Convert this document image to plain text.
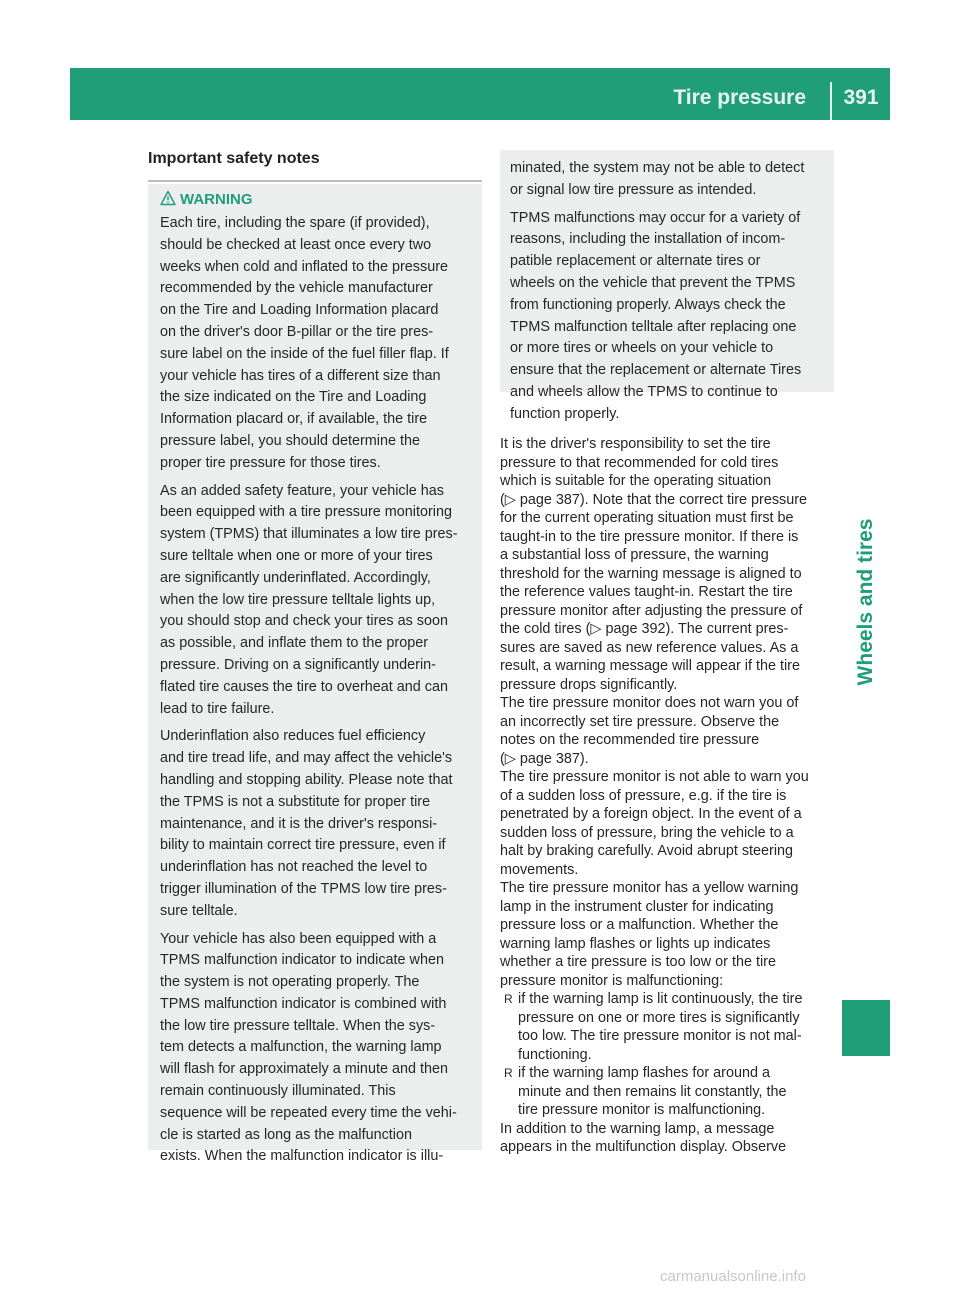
Tire pressure	391
Wheels and tires
Important safety notes
WARNING
Each tire, including the spare (if provided),
should be checked at least once every two
weeks when cold and inflated to the pressure
recommended by the vehicle manufacturer
on the Tire and Loading Information placard
on the driver's door B-pillar or the tire pres-
sure label on the inside of the fuel filler flap. If
your vehicle has tires of a different size than
the size indicated on the Tire and Loading
Information placard or, if available, the tire
pressure label, you should determine the
proper tire pressure for those tires.
As an added safety feature, your vehicle has
been equipped with a tire pressure monitoring
system (TPMS) that illuminates a low tire pres-
sure telltale when one or more of your tires
are significantly underinflated. Accordingly,
when the low tire pressure telltale lights up,
you should stop and check your tires as soon
as possible, and inflate them to the proper
pressure. Driving on a significantly underin-
flated tire causes the tire to overheat and can
lead to tire failure.
Underinflation also reduces fuel efficiency
and tire tread life, and may affect the vehicle's
handling and stopping ability. Please note that
the TPMS is not a substitute for proper tire
maintenance, and it is the driver's responsi-
bility to maintain correct tire pressure, even if
underinflation has not reached the level to
trigger illumination of the TPMS low tire pres-
sure telltale.
Your vehicle has also been equipped with a
TPMS malfunction indicator to indicate when
the system is not operating properly. The
TPMS malfunction indicator is combined with
the low tire pressure telltale. When the sys-
tem detects a malfunction, the warning lamp
will flash for approximately a minute and then
remain continuously illuminated. This
sequence will be repeated every time the vehi-
cle is started as long as the malfunction
exists. When the malfunction indicator is illu-
minated, the system may not be able to detect
or signal low tire pressure as intended.
TPMS malfunctions may occur for a variety of
reasons, including the installation of incom-
patible replacement or alternate tires or
wheels on the vehicle that prevent the TPMS
from functioning properly. Always check the
TPMS malfunction telltale after replacing one
or more tires or wheels on your vehicle to
ensure that the replacement or alternate Tires
and wheels allow the TPMS to continue to
function properly.
It is the driver's responsibility to set the tire
pressure to that recommended for cold tires
which is suitable for the operating situation
(▷ page 387). Note that the correct tire pressure
for the current operating situation must first be
taught-in to the tire pressure monitor. If there is
a substantial loss of pressure, the warning
threshold for the warning message is aligned to
the reference values taught-in. Restart the tire
pressure monitor after adjusting the pressure of
the cold tires (▷ page 392). The current pres-
sures are saved as new reference values. As a
result, a warning message will appear if the tire
pressure drops significantly.
The tire pressure monitor does not warn you of
an incorrectly set tire pressure. Observe the
notes on the recommended tire pressure
(▷ page 387).
The tire pressure monitor is not able to warn you
of a sudden loss of pressure, e.g. if the tire is
penetrated by a foreign object. In the event of a
sudden loss of pressure, bring the vehicle to a
halt by braking carefully. Avoid abrupt steering
movements.
The tire pressure monitor has a yellow warning
lamp in the instrument cluster for indicating
pressure loss or a malfunction. Whether the
warning lamp flashes or lights up indicates
whether a tire pressure is too low or the tire
pressure monitor is malfunctioning:
R if the warning lamp is lit continuously, the tire
pressure on one or more tires is significantly
too low. The tire pressure monitor is not mal-
functioning.
R if the warning lamp flashes for around a
minute and then remains lit constantly, the
tire pressure monitor is malfunctioning.
In addition to the warning lamp, a message
appears in the multifunction display. Observe
carmanualsonline.info
